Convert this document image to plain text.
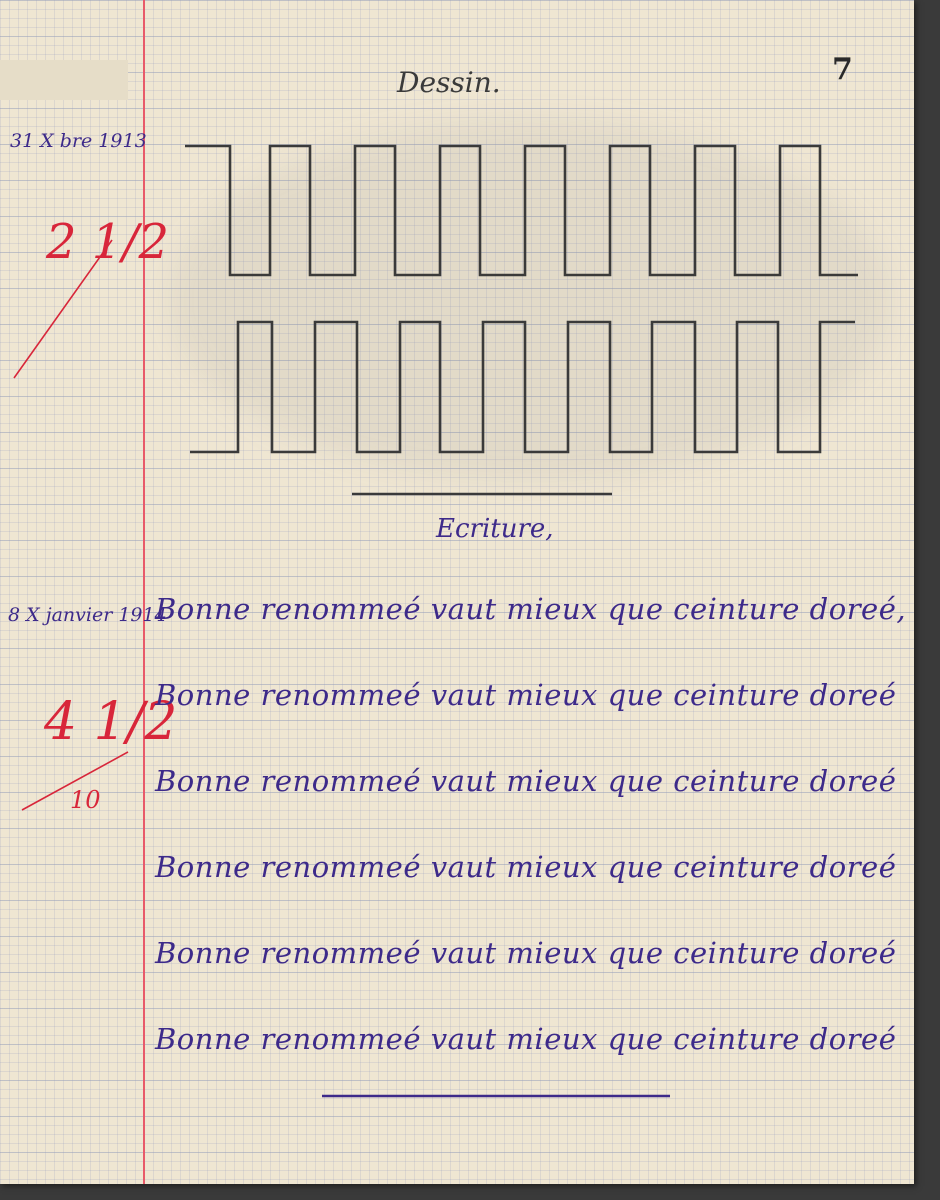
7
Dessin.
Ecriture,
31 X bre 1913
2 1/2
8 X janvier 1914
4 1/2
10
Bonne renommeé vaut mieux que ceinture doreé,
Bonne renommeé vaut mieux que ceinture doreé
Bonne renommeé vaut mieux que ceinture doreé
Bonne renommeé vaut mieux que ceinture doreé
Bonne renommeé vaut mieux que ceinture doreé
Bonne renommeé vaut mieux que ceinture doreé
